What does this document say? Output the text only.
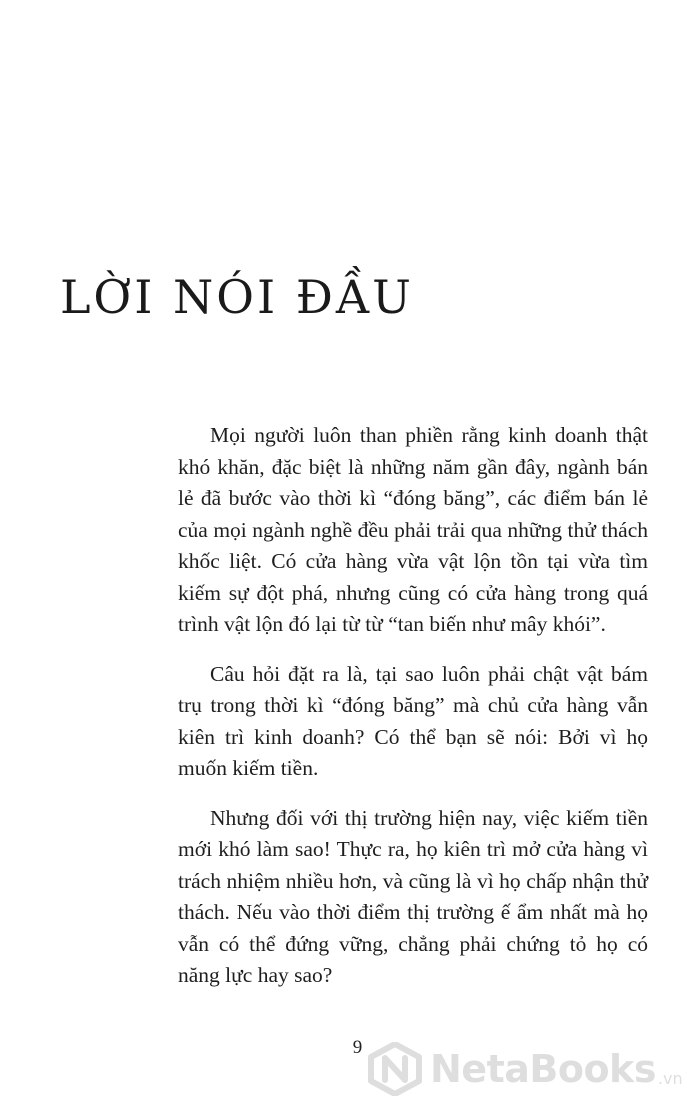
LỜI NÓI ĐẦU

Mọi người luôn than phiền rằng kinh doanh thật khó khăn, đặc biệt là những năm gần đây, ngành bán lẻ đã bước vào thời kì “đóng băng”, các điểm bán lẻ của mọi ngành nghề đều phải trải qua những thử thách khốc liệt. Có cửa hàng vừa vật lộn tồn tại vừa tìm kiếm sự đột phá, nhưng cũng có cửa hàng trong quá trình vật lộn đó lại từ từ “tan biến như mây khói”.

Câu hỏi đặt ra là, tại sao luôn phải chật vật bám trụ trong thời kì “đóng băng” mà chủ cửa hàng vẫn kiên trì kinh doanh? Có thể bạn sẽ nói: Bởi vì họ muốn kiếm tiền.

Nhưng đối với thị trường hiện nay, việc kiếm tiền mới khó làm sao! Thực ra, họ kiên trì mở cửa hàng vì trách nhiệm nhiều hơn, và cũng là vì họ chấp nhận thử thách. Nếu vào thời điểm thị trường ế ẩm nhất mà họ vẫn có thể đứng vững, chẳng phải chứng tỏ họ có năng lực hay sao?

9	NetaBooks .vn
